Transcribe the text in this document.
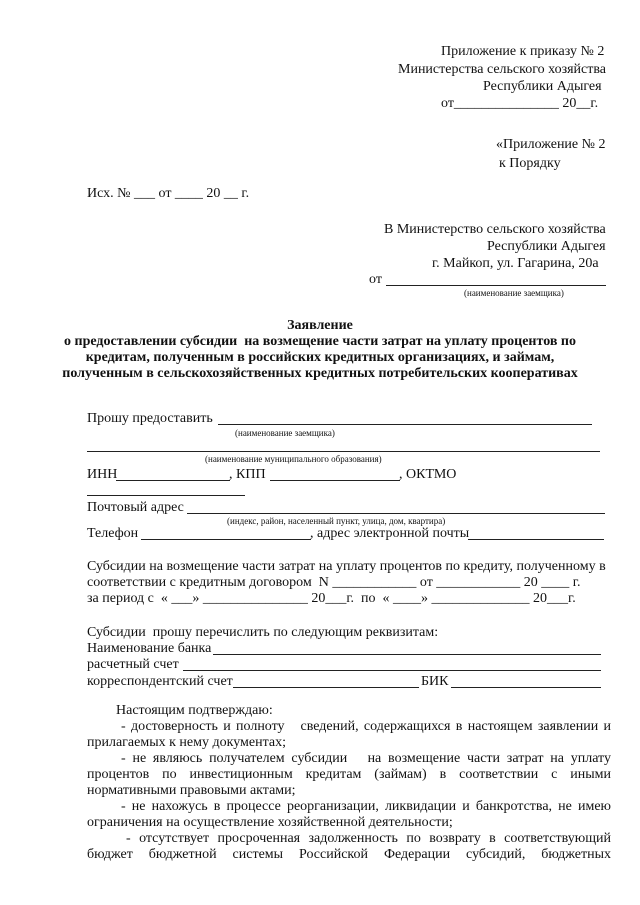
Приложение к приказу № 2
Министерства сельского хозяйства
Республики Адыгея
от_______________ 20__г.
«Приложение № 2
к Порядку
Исх. № ___ от ____ 20 __ г.
В Министерство сельского хозяйства
Республики Адыгея
г. Майкоп, ул. Гагарина, 20а
от
(наименование заемщика)
Заявление
о предоставлении субсидии  на возмещение части затрат на уплату процентов по
кредитам, полученным в российских кредитных организациях, и займам,
полученным в сельскохозяйственных кредитных потребительских кооперативах
Прошу предоставить
(наименование заемщика)
(наименование муниципального образования)
ИНН	, КПП	, ОКТМО
Почтовый адрес
(индекс, район, населенный пункт, улица, дом, квартира)
Телефон	, адрес электронной почты
Субсидии на возмещение части затрат на уплату процентов по кредиту, полученному в
соответствии с кредитным договором  N ____________ от ____________ 20 ____ г.
за период с  « ___» _______________ 20___г.  по  « ____» ______________ 20___г.
Субсидии  прошу перечислить по следующим реквизитам:
Наименование банка
расчетный счет
корреспондентский счет	БИК
Настоящим подтверждаю:
- достоверность и полноту   сведений, содержащихся в настоящем заявлении и
прилагаемых к нему документах;
- не являюсь получателем субсидии   на возмещение части затрат на уплату
процентов  по  инвестиционным  кредитам  (займам)  в  соответствии  с  иными
нормативными правовыми актами;
- не нахожусь в процессе реорганизации, ликвидации и банкротства, не имею
ограничения на осуществление хозяйственной деятельности;
- отсутствует просроченная задолженность по возврату в соответствующий
бюджет   бюджетной   системы   Российской   Федерации   субсидий,   бюджетных
